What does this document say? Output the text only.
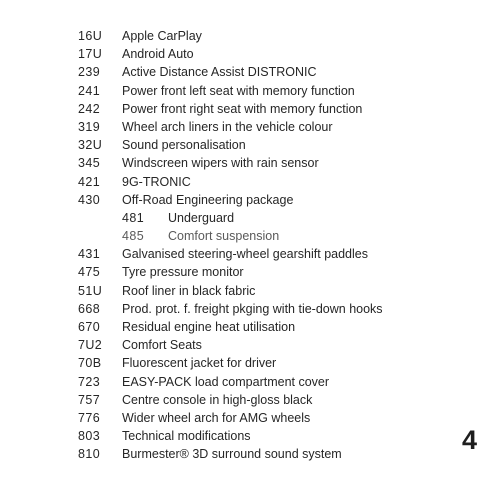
16U Apple CarPlay
17U Android Auto
239 Active Distance Assist DISTRONIC
241 Power front left seat with memory function
242 Power front right seat with memory function
319 Wheel arch liners in the vehicle colour
32U Sound personalisation
345 Windscreen wipers with rain sensor
421 9G-TRONIC
430 Off-Road Engineering package
481 Underguard
485 Comfort suspension
431 Galvanised steering-wheel gearshift paddles
475 Tyre pressure monitor
51U Roof liner in black fabric
668 Prod. prot. f. freight pkging with tie-down hooks
670 Residual engine heat utilisation
7U2 Comfort Seats
70B Fluorescent jacket for driver
723 EASY-PACK load compartment cover
757 Centre console in high-gloss black
776 Wider wheel arch for AMG wheels
803 Technical modifications
810 Burmester® 3D surround sound system	4
